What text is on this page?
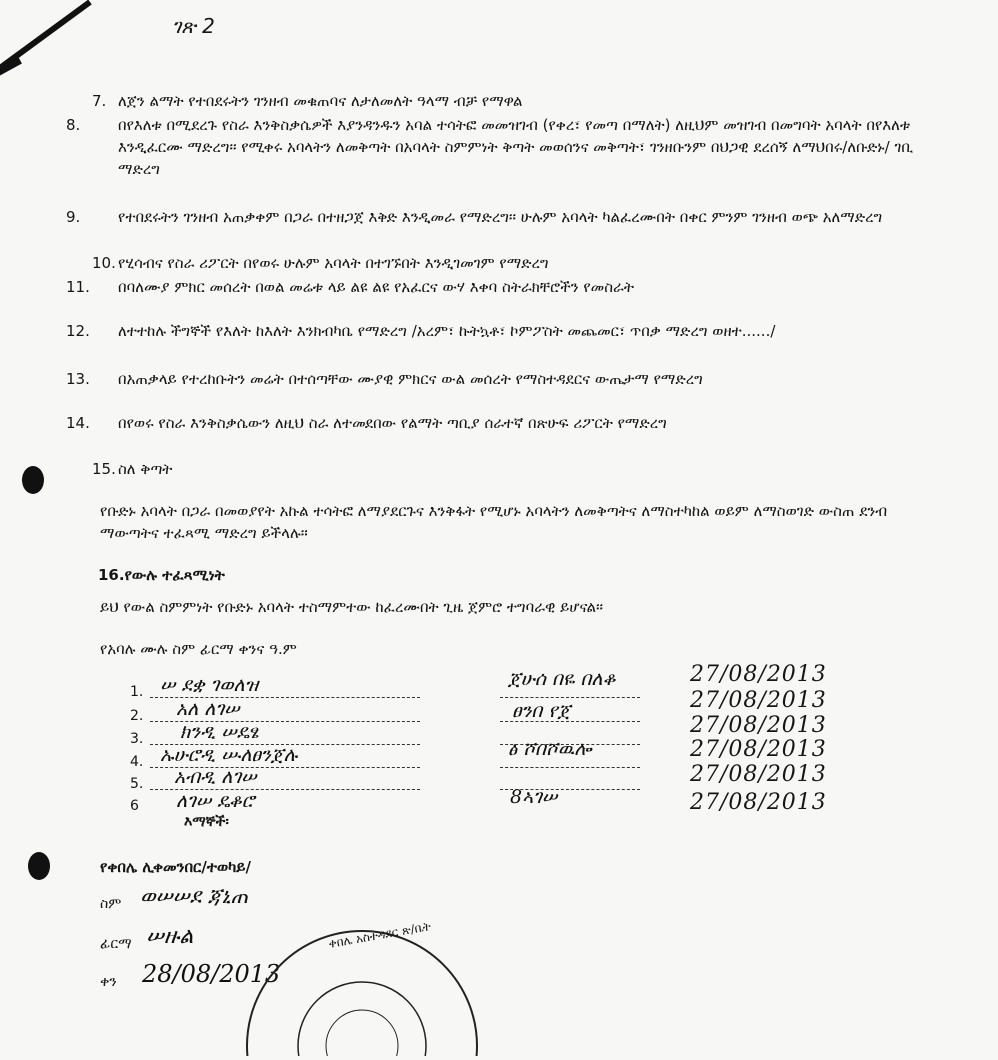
ገጽ 2

7. ለጀን ልማት የተበደሩትን ገንዘብ መቁጠባና ለታለመለት ዓላማ ብቻ የማዋል

8.	በየእለቱ በሚደረጉ የስራ እንቅስቃሴዎች እያንዳንዱን አባል ተሳትፎ መመዝገብ (የቀረ፣ የመጣ በማለት) ለዚህም መዝገብ በመግባት አባላት በየእለቱ እንዲፈርሙ ማድረግ፡፡ የሚቀሩ አባላትን ለመቅጣት በአባላት ስምምነት ቅጣት መወሰንና መቅጣት፣ ገንዘቡንም በህጋዊ ደረሰኝ ለማህበሩ/ለቡድኑ/ ገቢ ማድረግ

9.	የተበደሩትን ገንዘብ አጠቃቀም በጋራ በተዘጋጀ እቅድ እንዲመራ የማድረግ፡፡ ሁሉም አባላት ካልፈረሙበት በቀር ምንም ገንዘብ ወጭ አለማድረግ

10. የሂሳብና የስራ ሪፖርት በየወሩ ሁሉም አባላት በተገኙበት እንዲገመገም የማድረግ

11. በባለሙያ ምክር መሰረት በወል መሬቱ ላይ ልዩ ልዩ የአፈርና ውሃ እቀባ ስትራክቸሮችን የመስራት

12. ለተተከሉ ችግኞች የእለት ከእለት እንክብካቤ የማድረግ /አረም፣ ኩትኳቶ፣ ኮምፖስት መጨመር፣ ጥበቃ ማድረግ ወዘተ....../

13. በአጠቃላይ የተረከቡትን መሬት በተሰጣቸው ሙያዊ ምክርና ውል መሰረት የማስተዳደርና ውጤታማ የማድረግ

14. በየወሩ የስራ እንቅስቃሴውን ለዚህ ስራ ለተመደበው የልማት ጣቢያ ሰራተኛ በጽሁፍ ሪፖርት የማድረግ

15. ስለ ቅጣት

የቡድኑ አባላት በጋራ በመወያየት አኩል ተሳትፎ ለማያደርጉና እንቅፋት የሚሆኑ አባላትን ለመቅጣትና ለማስተካከል ወይም ለማስወገድ ውስጠ ደንብ ማውጣትና ተፈጻሚ ማድረግ ይችላሉ፡፡
16.የውሉ ተፈጻሚነት
ይህ የውል ስምምነት የቡድኑ አባላት ተስማምተው ከፈረሙበት ጊዜ ጀምሮ ተግባራዊ ይሆናል፡፡
የአባሉ ሙሉ ስም ፊርማ ቀንና ዓ.ም
1.
2.
3.
4.
5.
6
ሠ ደቋ ገወለዝ
አለ ለገሠ
ክንዲ ሠዴፄ
ኡሁሮዲ ሡለፀንጀሉ
አብዲ ለገሠ
ለገሠ ዴቆሮ
ጀሁሰ በዬ በለቆ
ፀንበ የጀ
ፅ ሾበሾዉሎ
8ኣገሠ
27/08/2013
27/08/2013
27/08/2013
27/08/2013
27/08/2013
27/08/2013
እማኞች፡
የቀበሌ ሊቀመንበር/ተወካይ/
ስም ወሠሠደ ጃኒጠ
ፊርማ ሠዙል
ቀን 28/08/2013
ቀበሌ አስተዳደር ጽ/ቤት
